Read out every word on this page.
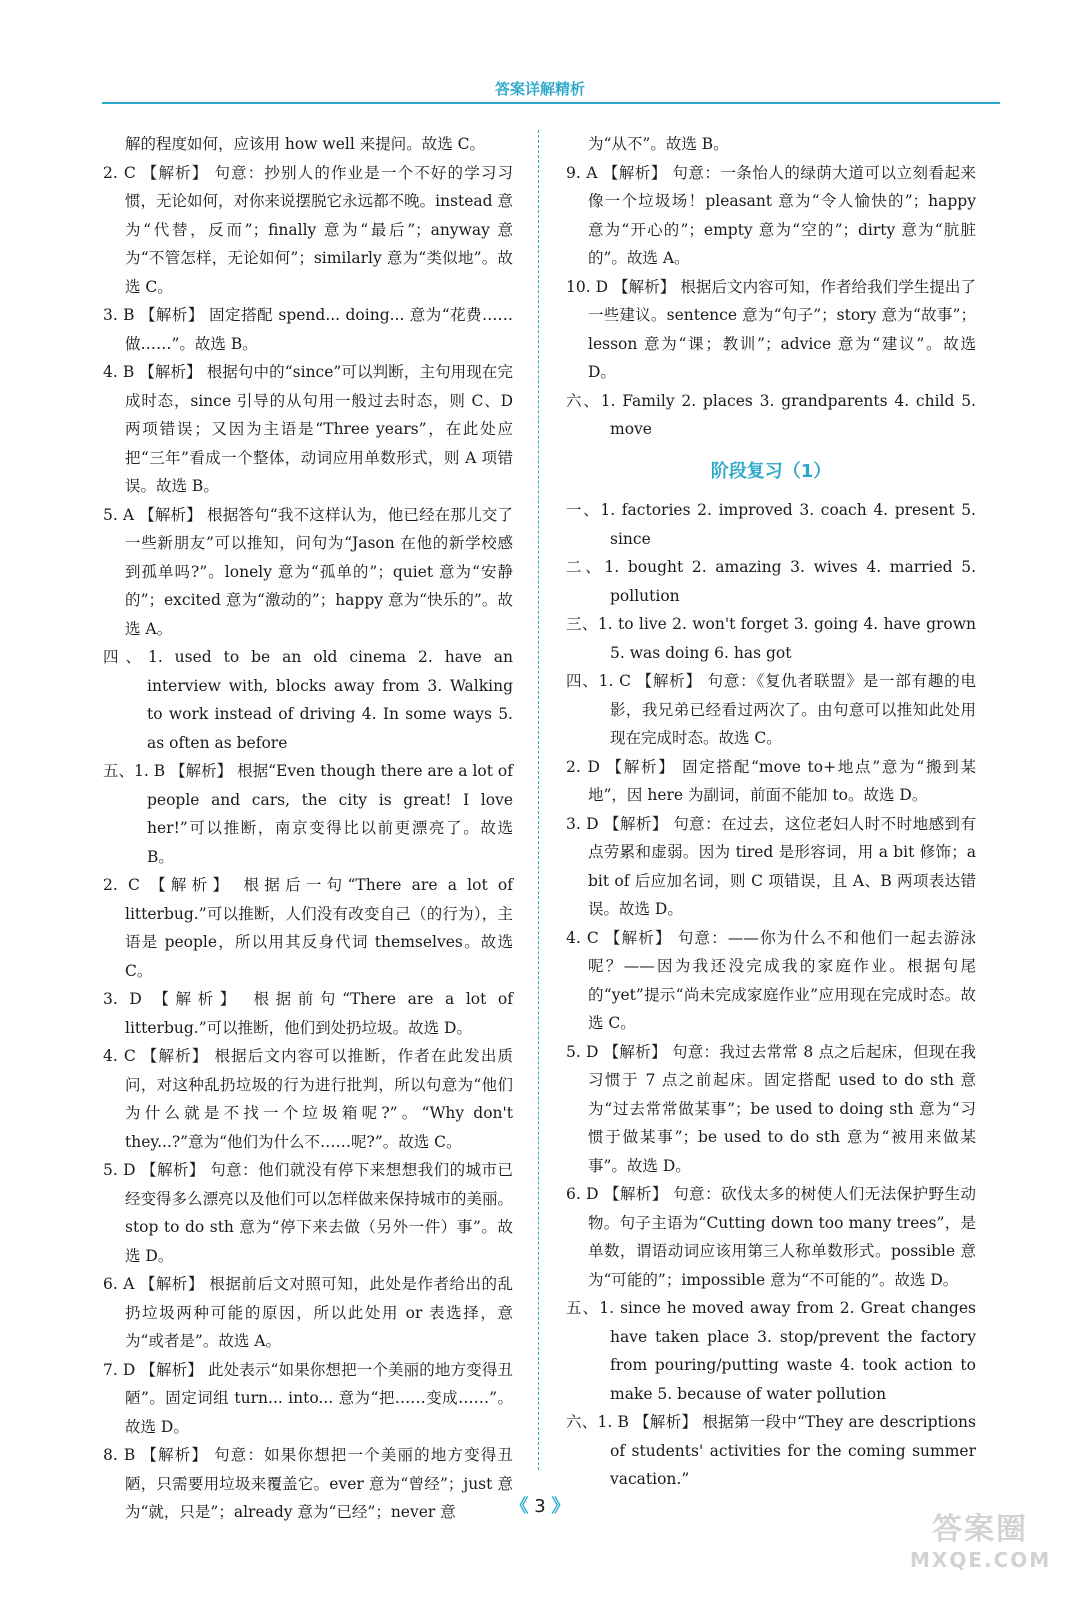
答案详解精析

解的程度如何，应该用 how well 来提问。故选 C。

2. C 【解析】 句意：抄别人的作业是一个不好的学习习惯，无论如何，对你来说摆脱它永远都不晚。instead 意为“代替，反而”；finally 意为“最后”；anyway 意为“不管怎样，无论如何”；similarly 意为“类似地”。故选 C。

3. B 【解析】 固定搭配 spend... doing... 意为“花费……做……”。故选 B。

4. B 【解析】 根据句中的“since”可以判断，主句用现在完成时态，since 引导的从句用一般过去时态，则 C、D 两项错误；又因为主语是“Three years”，在此处应把“三年”看成一个整体，动词应用单数形式，则 A 项错误。故选 B。

5. A 【解析】 根据答句“我不这样认为，他已经在那儿交了一些新朋友”可以推知，问句为“Jason 在他的新学校感到孤单吗?”。lonely 意为“孤单的”；quiet 意为“安静的”；excited 意为“激动的”；happy 意为“快乐的”。故选 A。

四、1. used to be an old cinema 2. have an interview with, blocks away from 3. Walking to work instead of driving 4. In some ways 5. as often as before

五、1. B 【解析】 根据“Even though there are a lot of people and cars, the city is great! I love her!”可以推断，南京变得比以前更漂亮了。故选 B。

2. C 【解析】 根据后一句“There are a lot of litterbug.”可以推断，人们没有改变自己（的行为），主语是 people，所以用其反身代词 themselves。故选 C。

3. D 【解析】 根据前句“There are a lot of litterbug.”可以推断，他们到处扔垃圾。故选 D。

4. C 【解析】 根据后文内容可以推断，作者在此发出质问，对这种乱扔垃圾的行为进行批判，所以句意为“他们为什么就是不找一个垃圾箱呢?”。“Why don't they...?”意为“他们为什么不……呢?”。故选 C。

5. D 【解析】 句意：他们就没有停下来想想我们的城市已经变得多么漂亮以及他们可以怎样做来保持城市的美丽。stop to do sth 意为“停下来去做（另外一件）事”。故选 D。

6. A 【解析】 根据前后文对照可知，此处是作者给出的乱扔垃圾两种可能的原因，所以此处用 or 表选择，意为“或者是”。故选 A。

7. D 【解析】 此处表示“如果你想把一个美丽的地方变得丑陋”。固定词组 turn... into... 意为“把……变成……”。故选 D。

8. B 【解析】 句意：如果你想把一个美丽的地方变得丑陋，只需要用垃圾来覆盖它。ever 意为“曾经”；just 意为“就，只是”；already 意为“已经”；never 意

为“从不”。故选 B。

9. A 【解析】 句意：一条怡人的绿荫大道可以立刻看起来像一个垃圾场！pleasant 意为“令人愉快的”；happy 意为“开心的”；empty 意为“空的”；dirty 意为“肮脏的”。故选 A。

10. D 【解析】 根据后文内容可知，作者给我们学生提出了一些建议。sentence 意为“句子”；story 意为“故事”；lesson 意为“课；教训”；advice 意为“建议”。故选 D。

六、1. Family 2. places 3. grandparents 4. child 5. move

阶段复习（1）

一、1. factories 2. improved 3. coach 4. present 5. since

二、1. bought 2. amazing 3. wives 4. married 5. pollution

三、1. to live 2. won't forget 3. going 4. have grown 5. was doing 6. has got

四、1. C 【解析】 句意：《复仇者联盟》是一部有趣的电影，我兄弟已经看过两次了。由句意可以推知此处用现在完成时态。故选 C。

2. D 【解析】 固定搭配“move to+地点”意为“搬到某地”，因 here 为副词，前面不能加 to。故选 D。

3. D 【解析】 句意：在过去，这位老妇人时不时地感到有点劳累和虚弱。因为 tired 是形容词，用 a bit 修饰；a bit of 后应加名词，则 C 项错误，且 A、B 两项表达错误。故选 D。

4. C 【解析】 句意：——你为什么不和他们一起去游泳呢？——因为我还没完成我的家庭作业。根据句尾的“yet”提示“尚未完成家庭作业”应用现在完成时态。故选 C。

5. D 【解析】 句意：我过去常常 8 点之后起床，但现在我习惯于 7 点之前起床。固定搭配 used to do sth 意为“过去常常做某事”；be used to doing sth 意为“习惯于做某事”；be used to do sth 意为“被用来做某事”。故选 D。

6. D 【解析】 句意：砍伐太多的树使人们无法保护野生动物。句子主语为“Cutting down too many trees”，是单数，谓语动词应该用第三人称单数形式。possible 意为“可能的”；impossible 意为“不可能的”。故选 D。

五、1. since he moved away from 2. Great changes have taken place 3. stop/prevent the factory from pouring/putting waste 4. took action to make 5. because of water pollution

六、1. B 【解析】 根据第一段中“They are descriptions of students' activities for the coming summer vacation.”

《 3 》
答案圈
MXQE.COM
